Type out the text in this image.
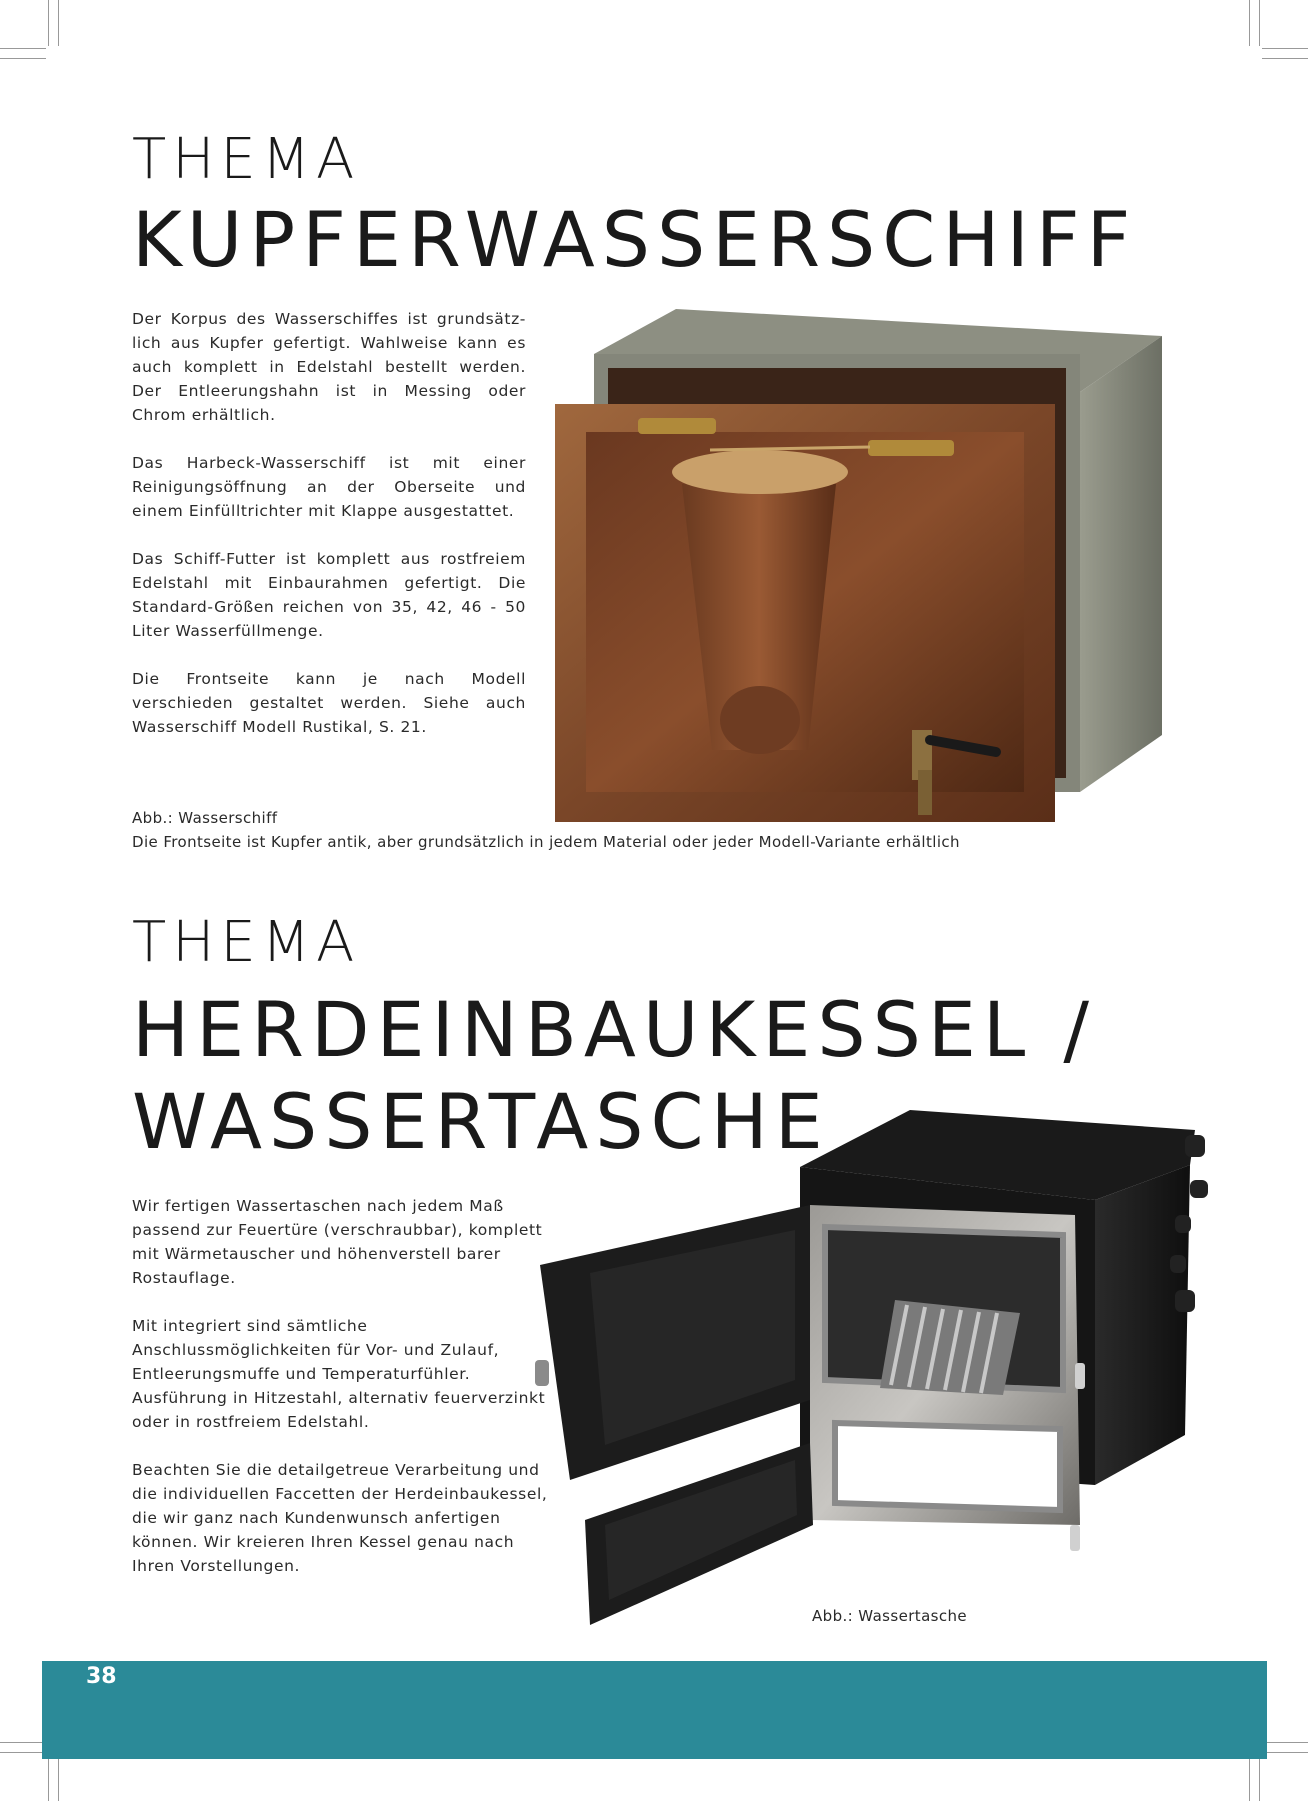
THEMA
KUPFERWASSERSCHIFF

Der Korpus des Wasserschiffes ist grundsätz-lich aus Kupfer gefertigt. Wahlweise kann es auch komplett in Edelstahl bestellt werden. Der Entleerungshahn ist in Messing oder Chrom erhältlich.

Das Harbeck-Wasserschiff ist mit einer Reinigungsöffnung an der Oberseite und einem Einfülltrichter mit Klappe ausgestattet.

Das Schiff-Futter ist komplett aus rostfreiem Edelstahl mit Einbaurahmen gefertigt. Die Standard-Größen reichen von 35, 42, 46 - 50 Liter Wasserfüllmenge.

Die Frontseite kann je nach Modell verschieden gestaltet werden. Siehe auch Wasserschiff Modell Rustikal, S. 21.

Abb.: Wasserschiff
Die Frontseite ist Kupfer antik, aber grundsätzlich in jedem Material oder jeder Modell-Variante erhältlich
THEMA
HERDEINBAUKESSEL /
WASSERTASCHE

Wir fertigen Wassertaschen nach jedem Maß passend zur Feuertüre (verschraubbar), komplett mit Wärmetauscher und höhenverstell barer Rostauflage.

Mit integriert sind sämtliche Anschlussmöglichkeiten für Vor- und Zulauf, Entleerungsmuffe und Temperaturfühler. Ausführung in Hitzestahl, alternativ feuerverzinkt oder in rostfreiem Edelstahl.

Beachten Sie die detailgetreue Verarbeitung und die individuellen Faccetten der Herdeinbaukessel, die wir ganz nach Kundenwunsch anfertigen können. Wir kreieren Ihren Kessel genau nach Ihren Vorstellungen.

Abb.: Wassertasche
38
